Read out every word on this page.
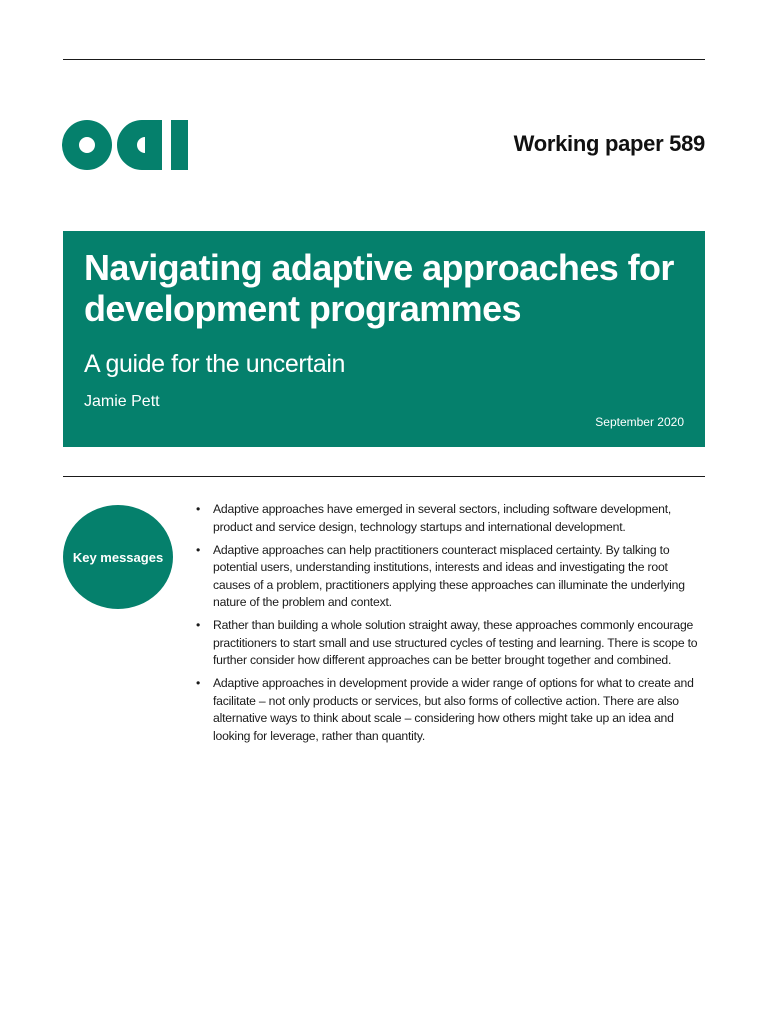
Working paper 589
Navigating adaptive approaches for development programmes
A guide for the uncertain
Jamie Pett
September 2020
Key messages
• Adaptive approaches have emerged in several sectors, including software development, product and service design, technology startups and international development.
• Adaptive approaches can help practitioners counteract misplaced certainty. By talking to potential users, understanding institutions, interests and ideas and investigating the root causes of a problem, practitioners applying these approaches can illuminate the underlying nature of the problem and context.
• Rather than building a whole solution straight away, these approaches commonly encourage practitioners to start small and use structured cycles of testing and learning. There is scope to further consider how different approaches can be better brought together and combined.
• Adaptive approaches in development provide a wider range of options for what to create and facilitate – not only products or services, but also forms of collective action. There are also alternative ways to think about scale – considering how others might take up an idea and looking for leverage, rather than quantity.
